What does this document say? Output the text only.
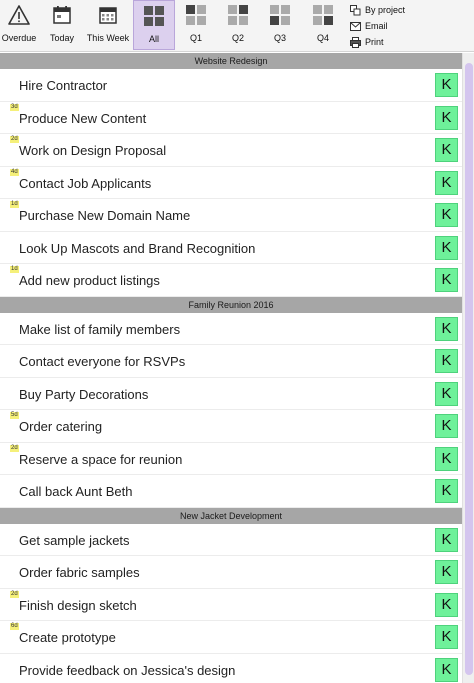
Overdue	Today	This Week	All	Q1	Q2	Q3	Q4
By project
Email
Print
Website Redesign
Hire Contractor	K
3d
Produce New Content	K
2d
Work on Design Proposal	K
4d
Contact Job Applicants	K
1d
Purchase New Domain Name	K
Look Up Mascots and Brand Recognition	K
1d
Add new product listings	K
Family Reunion 2016
Make list of family members	K
Contact everyone for RSVPs	K
Buy Party Decorations	K
5d
Order catering	K
2d
Reserve a space for reunion	K
Call back Aunt Beth	K
New Jacket Development
Get sample jackets	K
Order fabric samples	K
2d
Finish design sketch	K
6d
Create prototype	K
Provide feedback on Jessica's design	K
